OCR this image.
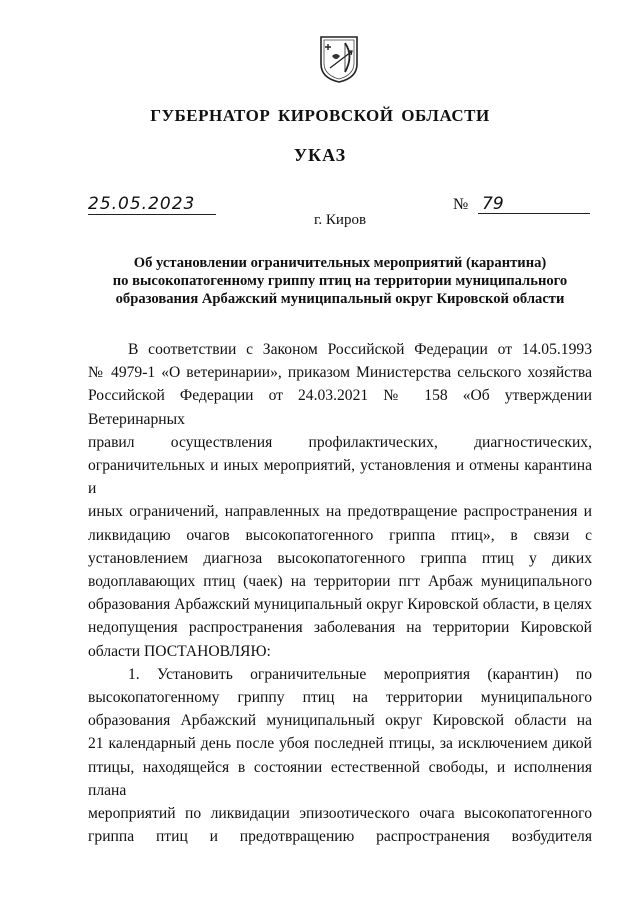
ГУБЕРНАТОР КИРОВСКОЙ ОБЛАСТИ
УКАЗ
25.05.2023	№ 79
г. Киров
Об установлении ограничительных мероприятий (карантина)
по высокопатогенному гриппу птиц на территории муниципального
образования Арбажский муниципальный округ Кировской области

В соответствии с Законом Российской Федерации от 14.05.1993

№ 4979-1 «О ветеринарии», приказом Министерства сельского хозяйства

Российской Федерации от 24.03.2021 № 158 «Об утверждении Ветеринарных

правил осуществления профилактических, диагностических,

ограничительных и иных мероприятий, установления и отмены карантина и

иных ограничений, направленных на предотвращение распространения и

ликвидацию очагов высокопатогенного гриппа птиц», в связи с

установлением диагноза высокопатогенного гриппа птиц у диких

водоплавающих птиц (чаек) на территории пгт Арбаж муниципального

образования Арбажский муниципальный округ Кировской области, в целях

недопущения распространения заболевания на территории Кировской

области ПОСТАНОВЛЯЮ:

1. Установить ограничительные мероприятия (карантин) по

высокопатогенному гриппу птиц на территории муниципального

образования Арбажский муниципальный округ Кировской области на

21 календарный день после убоя последней птицы, за исключением дикой

птицы, находящейся в состоянии естественной свободы, и исполнения плана

мероприятий по ликвидации эпизоотического очага высокопатогенного

гриппа птиц и предотвращению распространения возбудителя
